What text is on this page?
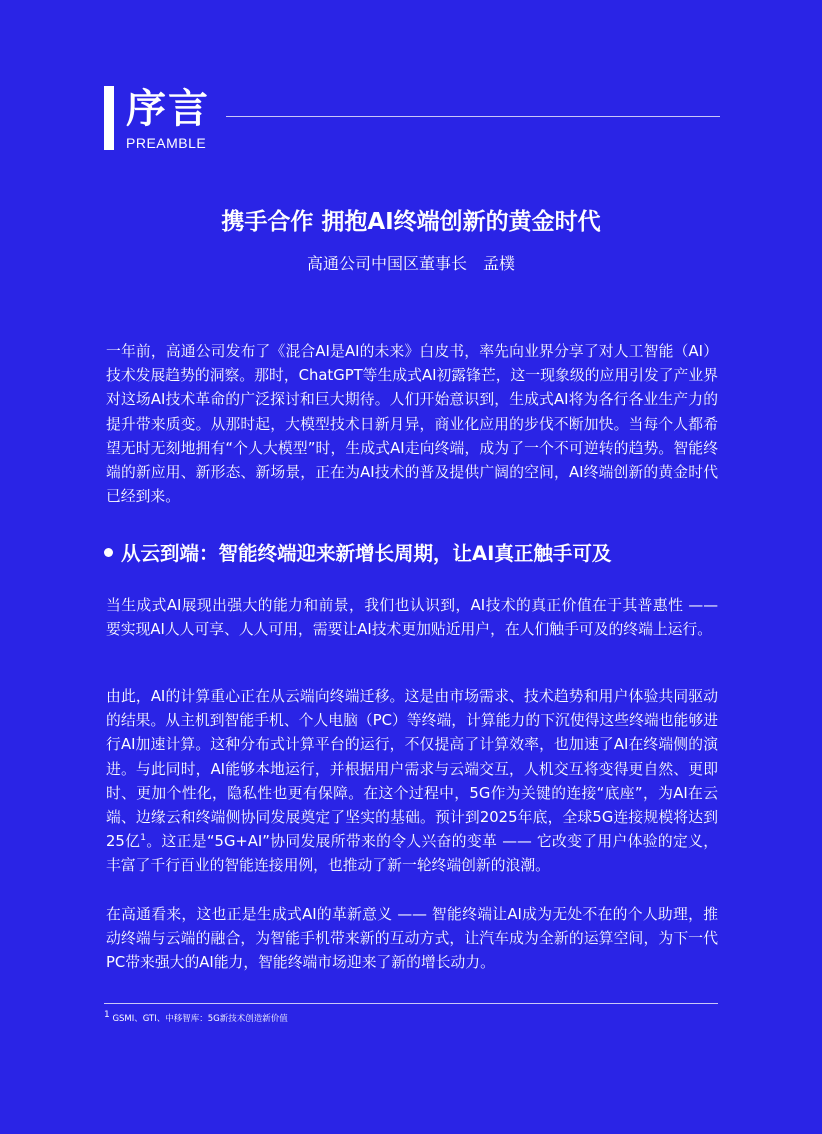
序言
PREAMBLE
携手合作 拥抱AI终端创新的黄金时代
高通公司中国区董事长　孟樸
一年前，高通公司发布了《混合AI是AI的未来》白皮书，率先向业界分享了对人工智能（AI）技术发展趋势的洞察。那时，ChatGPT等生成式AI初露锋芒，这一现象级的应用引发了产业界对这场AI技术革命的广泛探讨和巨大期待。人们开始意识到，生成式AI将为各行各业生产力的提升带来质变。从那时起，大模型技术日新月异，商业化应用的步伐不断加快。当每个人都希望无时无刻地拥有“个人大模型”时，生成式AI走向终端，成为了一个不可逆转的趋势。智能终端的新应用、新形态、新场景，正在为AI技术的普及提供广阔的空间，AI终端创新的黄金时代已经到来。
从云到端：智能终端迎来新增长周期，让AI真正触手可及
当生成式AI展现出强大的能力和前景，我们也认识到，AI技术的真正价值在于其普惠性 —— 要实现AI人人可享、人人可用，需要让AI技术更加贴近用户，在人们触手可及的终端上运行。
由此，AI的计算重心正在从云端向终端迁移。这是由市场需求、技术趋势和用户体验共同驱动的结果。从主机到智能手机、个人电脑（PC）等终端，计算能力的下沉使得这些终端也能够进行AI加速计算。这种分布式计算平台的运行，不仅提高了计算效率，也加速了AI在终端侧的演进。与此同时，AI能够本地运行，并根据用户需求与云端交互，人机交互将变得更自然、更即时、更加个性化，隐私性也更有保障。在这个过程中，5G作为关键的连接“底座”，为AI在云端、边缘云和终端侧协同发展奠定了坚实的基础。预计到2025年底，全球5G连接规模将达到25亿$^1$。这正是“5G+AI”协同发展所带来的令人兴奋的变革 —— 它改变了用户体验的定义，丰富了千行百业的智能连接用例，也推动了新一轮终端创新的浪潮。
在高通看来，这也正是生成式AI的革新意义 —— 智能终端让AI成为无处不在的个人助理，推动终端与云端的融合，为智能手机带来新的互动方式，让汽车成为全新的运算空间，为下一代PC带来强大的AI能力，智能终端市场迎来了新的增长动力。
$^1$ GSMI、GTI、中移智库：5G新技术创造新价值
